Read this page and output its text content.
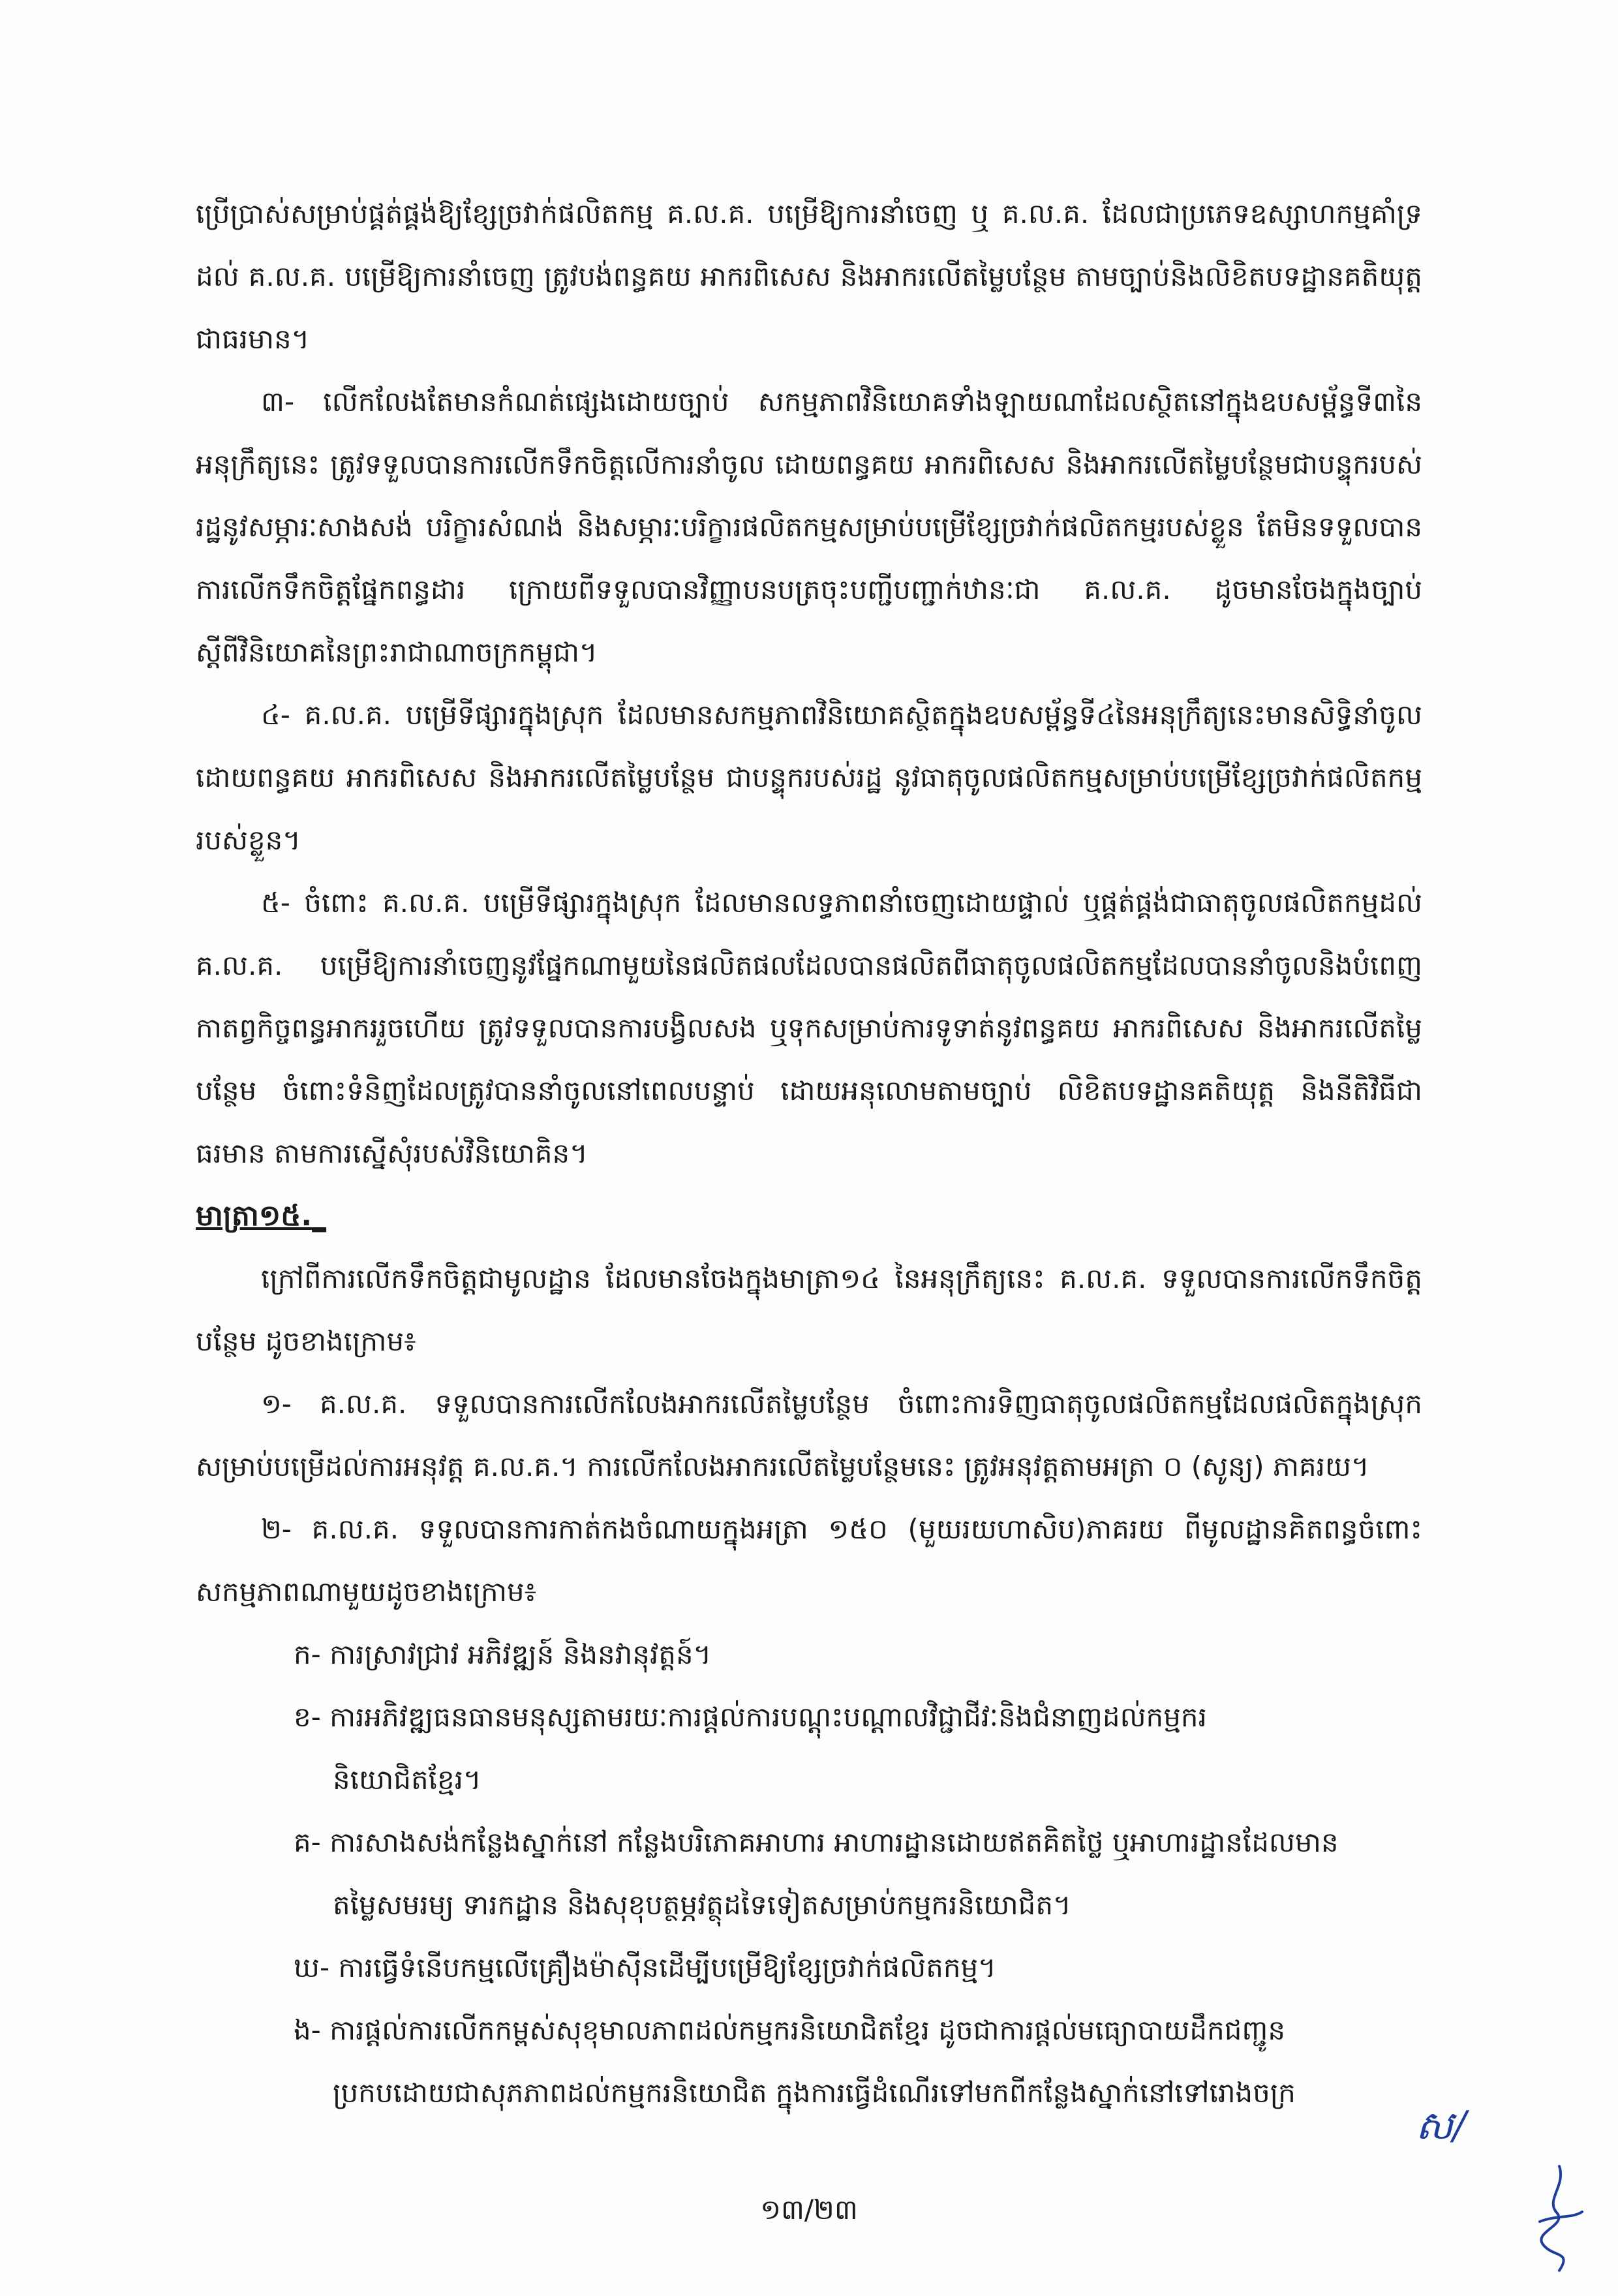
ប្រើប្រាស់សម្រាប់ផ្គត់ផ្គង់ឱ្យខ្សែច្រវាក់ផលិតកម្ម គ.ល.គ. បម្រើឱ្យការនាំចេញ ឬ គ.ល.គ. ដែលជាប្រភេទឧស្សាហកម្មគាំទ្រដល់ គ.ល.គ. បម្រើឱ្យការនាំចេញ ត្រូវបង់ពន្ធគយ អាករពិសេស និងអាករលើតម្លៃបន្ថែម តាមច្បាប់និងលិខិតបទដ្ឋានគតិយុត្តជាធរមាន។

៣- លើកលែងតែមានកំណត់ផ្សេងដោយច្បាប់ សកម្មភាពវិនិយោគទាំងឡាយណាដែលស្ថិតនៅក្នុងឧបសម្ព័ន្ធទី៣នៃអនុក្រឹត្យនេះ ត្រូវទទួលបានការលើកទឹកចិត្តលើការនាំចូល ដោយពន្ធគយ អាករពិសេស និងអាករលើតម្លៃបន្ថែមជាបន្ទុករបស់រដ្ឋនូវសម្ភារៈសាងសង់ បរិក្ខារសំណង់ និងសម្ភារៈបរិក្ខារផលិតកម្មសម្រាប់បម្រើខ្សែច្រវាក់ផលិតកម្មរបស់ខ្លួន តែមិនទទួលបានការលើកទឹកចិត្តផ្នែកពន្ធដារ ក្រោយពីទទួលបានវិញ្ញាបនបត្រចុះបញ្ជីបញ្ជាក់ឋានៈជា គ.ល.គ. ដូចមានចែងក្នុងច្បាប់ស្តីពីវិនិយោគនៃព្រះរាជាណាចក្រកម្ពុជា។

៤- គ.ល.គ. បម្រើទីផ្សារក្នុងស្រុក ដែលមានសកម្មភាពវិនិយោគស្ថិតក្នុងឧបសម្ព័ន្ធទី៤នៃអនុក្រឹត្យនេះមានសិទ្ធិនាំចូល ដោយពន្ធគយ អាករពិសេស និងអាករលើតម្លៃបន្ថែម ជាបន្ទុករបស់រដ្ឋ នូវធាតុចូលផលិតកម្មសម្រាប់បម្រើខ្សែច្រវាក់ផលិតកម្មរបស់ខ្លួន។

៥- ចំពោះ គ.ល.គ. បម្រើទីផ្សារក្នុងស្រុក ដែលមានលទ្ធភាពនាំចេញដោយផ្ទាល់ ឬផ្គត់ផ្គង់ជាធាតុចូលផលិតកម្មដល់ គ.ល.គ. បម្រើឱ្យការនាំចេញនូវផ្នែកណាមួយនៃផលិតផលដែលបានផលិតពីធាតុចូលផលិតកម្មដែលបាននាំចូលនិងបំពេញកាតព្វកិច្ចពន្ធអាកររួចហើយ ត្រូវទទួលបានការបង្វិលសង ឬទុកសម្រាប់ការទូទាត់នូវពន្ធគយ អាករពិសេស និងអាករលើតម្លៃបន្ថែម ចំពោះទំនិញដែលត្រូវបាននាំចូលនៅពេលបន្ទាប់ ដោយអនុលោមតាមច្បាប់ លិខិតបទដ្ឋានគតិយុត្ត និងនីតិវិធីជាធរមាន តាមការស្នើសុំរបស់វិនិយោគិន។

មាត្រា១៥._

ក្រៅពីការលើកទឹកចិត្តជាមូលដ្ឋាន ដែលមានចែងក្នុងមាត្រា១៤ នៃអនុក្រឹត្យនេះ គ.ល.គ. ទទួលបានការលើកទឹកចិត្តបន្ថែម ដូចខាងក្រោម៖

១- គ.ល.គ. ទទួលបានការលើកលែងអាករលើតម្លៃបន្ថែម ចំពោះការទិញធាតុចូលផលិតកម្មដែលផលិតក្នុងស្រុកសម្រាប់បម្រើដល់ការអនុវត្ត គ.ល.គ.។ ការលើកលែងអាករលើតម្លៃបន្ថែមនេះ ត្រូវអនុវត្តតាមអត្រា ០ (សូន្យ) ភាគរយ។

២- គ.ល.គ. ទទួលបានការកាត់កងចំណាយក្នុងអត្រា ១៥០ (មួយរយហាសិប)ភាគរយ ពីមូលដ្ឋានគិតពន្ធចំពោះសកម្មភាពណាមួយដូចខាងក្រោម៖

ក- ការស្រាវជ្រាវ អភិវឌ្ឍន៍ និងនវានុវត្តន៍។

ខ- ការអភិវឌ្ឍធនធានមនុស្សតាមរយៈការផ្តល់ការបណ្តុះបណ្តាលវិជ្ជាជីវៈនិងជំនាញដល់កម្មករ
និយោជិតខ្មែរ។

គ- ការសាងសង់កន្លែងស្នាក់នៅ កន្លែងបរិភោគអាហារ អាហារដ្ឋានដោយឥតគិតថ្លៃ ឬអាហារដ្ឋានដែលមាន
តម្លៃសមរម្យ ទារកដ្ឋាន និងសុខុបត្ថម្ភវត្ថុដទៃទៀតសម្រាប់កម្មករនិយោជិត។

ឃ- ការធ្វើទំនើបកម្មលើគ្រឿងម៉ាស៊ីនដើម្បីបម្រើឱ្យខ្សែច្រវាក់ផលិតកម្ម។

ង- ការផ្តល់ការលើកកម្ពស់សុខុមាលភាពដល់កម្មករនិយោជិតខ្មែរ ដូចជាការផ្តល់មធ្យោបាយដឹកជញ្ជូន
ប្រកបដោយជាសុភភាពដល់កម្មករនិយោជិត ក្នុងការធ្វើដំណើរទៅមកពីកន្លែងស្នាក់នៅទៅរោងចក្រ

ស/
១៣/២៣
